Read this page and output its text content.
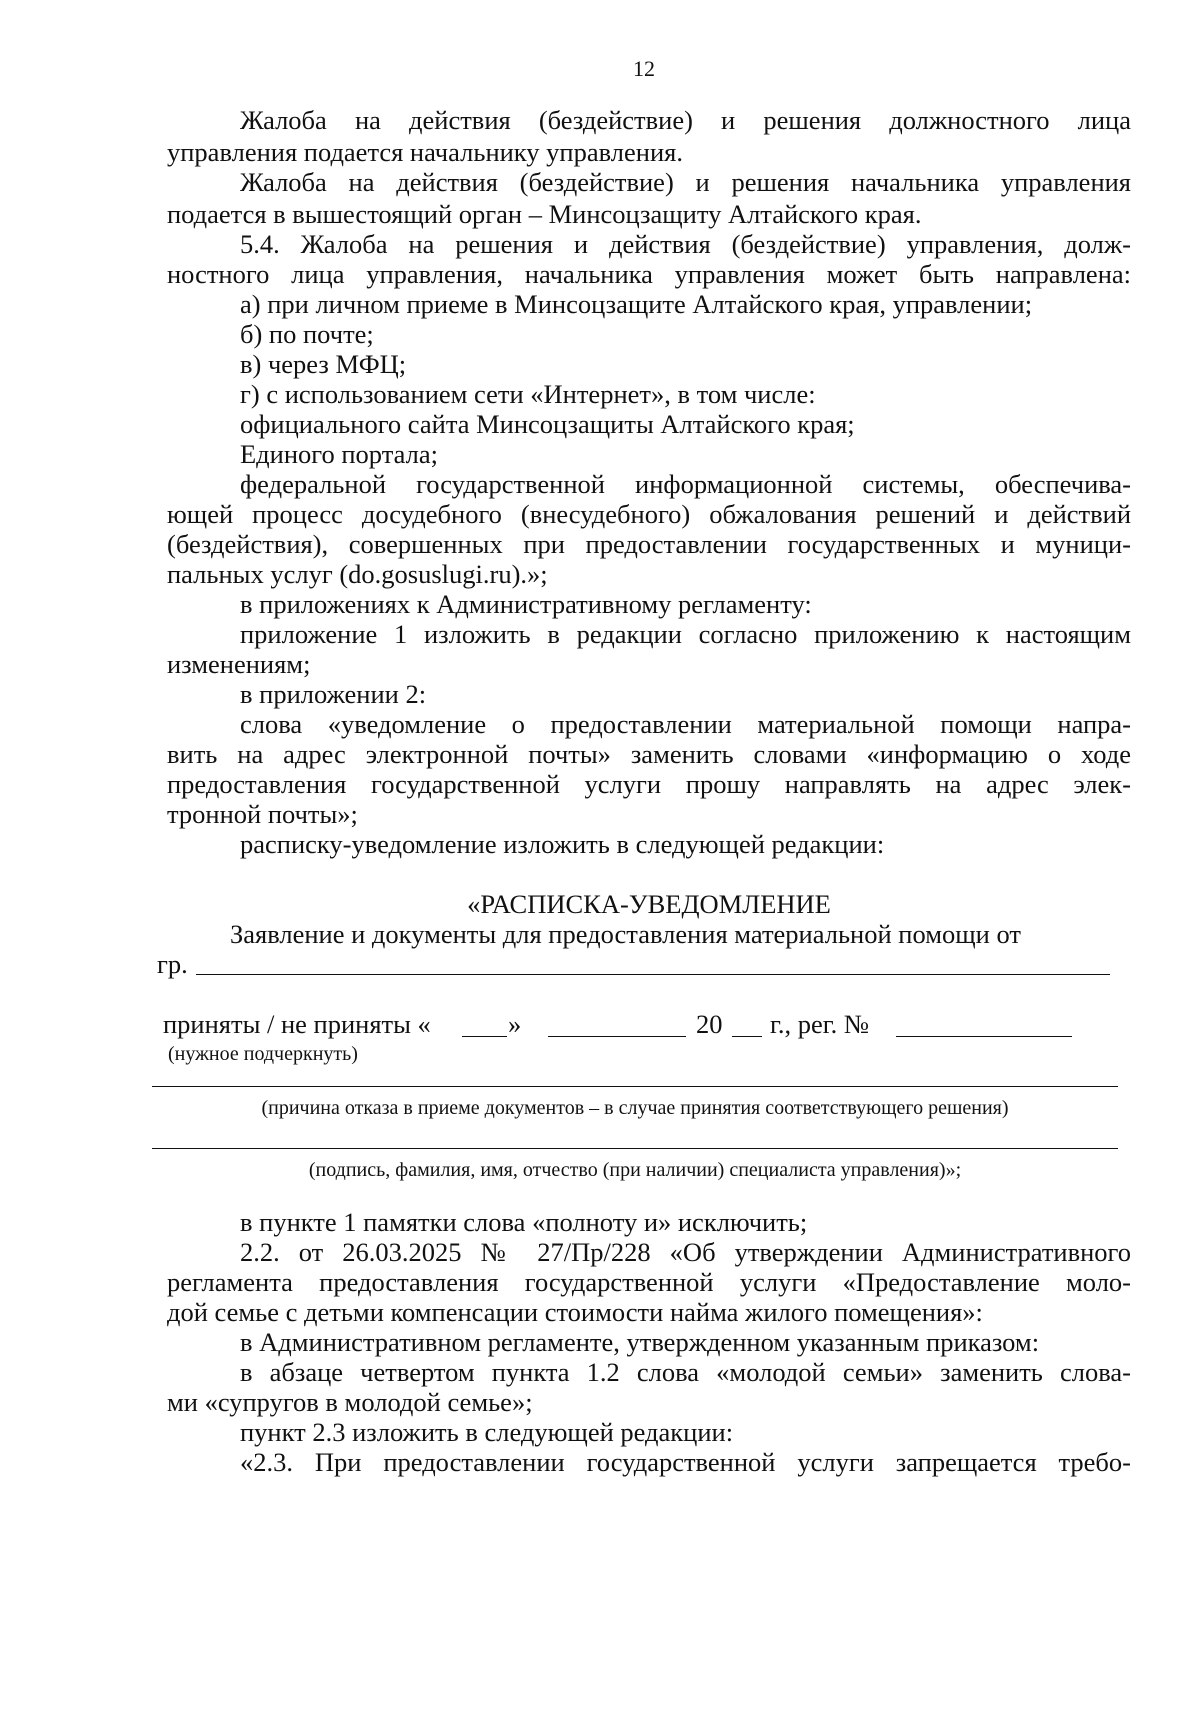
12
Жалоба на действия (бездействие) и решения должностного лица
управления подается начальнику управления.
Жалоба на действия (бездействие) и решения начальника управления
подается в вышестоящий орган – Минсоцзащиту Алтайского края.
5.4. Жалоба на решения и действия (бездействие) управления, долж-
ностного лица управления, начальника управления может быть направлена:
а) при личном приеме в Минсоцзащите Алтайского края, управлении;
б) по почте;
в) через МФЦ;
г) с использованием сети «Интернет», в том числе:
официального сайта Минсоцзащиты Алтайского края;
Единого портала;
федеральной государственной информационной системы, обеспечива-
ющей процесс досудебного (внесудебного) обжалования решений и действий
(бездействия), совершенных при предоставлении государственных и муници-
пальных услуг (do.gosuslugi.ru).»;
в приложениях к Административному регламенту:
приложение 1 изложить в редакции согласно приложению к настоящим
изменениям;
в приложении 2:
слова «уведомление о предоставлении материальной помощи напра-
вить на адрес электронной почты» заменить словами «информацию о ходе
предоставления государственной услуги прошу направлять на адрес элек-
тронной почты»;
расписку-уведомление изложить в следующей редакции:
«РАСПИСКА-УВЕДОМЛЕНИЕ
Заявление и документы для предоставления материальной помощи от
гр.
приняты / не приняты «	»	20	г., рег. №
(нужное подчеркнуть)
(причина отказа в приеме документов – в случае принятия соответствующего решения)
(подпись, фамилия, имя, отчество (при наличии) специалиста управления)»;
в пункте 1 памятки слова «полноту и» исключить;
2.2. от 26.03.2025 № 27/Пр/228 «Об утверждении Административного
регламента предоставления государственной услуги «Предоставление моло-
дой семье с детьми компенсации стоимости найма жилого помещения»:
в Административном регламенте, утвержденном указанным приказом:
в абзаце четвертом пункта 1.2 слова «молодой семьи» заменить слова-
ми «супругов в молодой семье»;
пункт 2.3 изложить в следующей редакции:
«2.3. При предоставлении государственной услуги запрещается требо-
